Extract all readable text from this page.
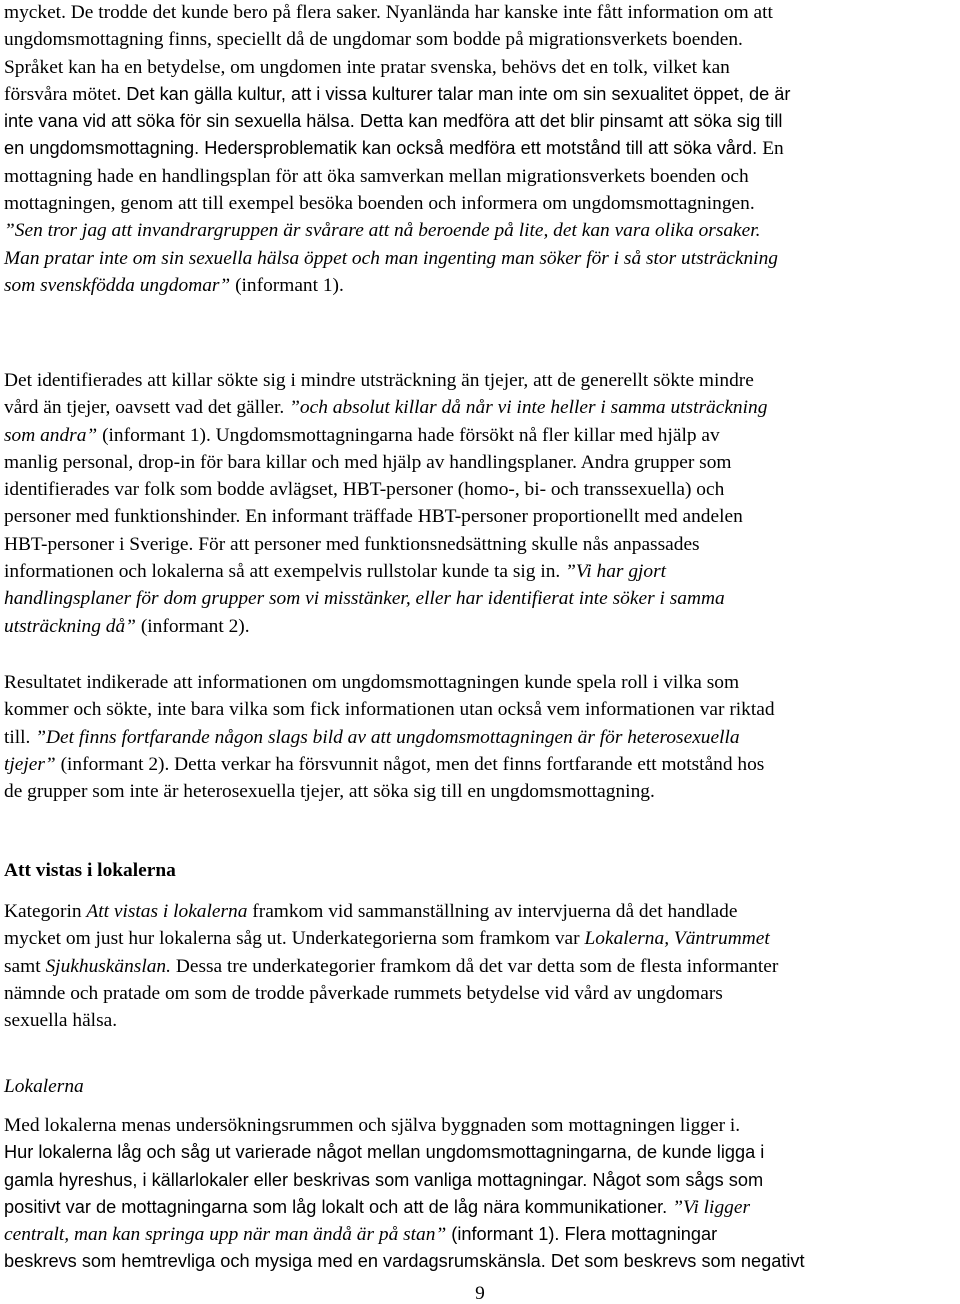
mycket. De trodde det kunde bero på flera saker. Nyanlända har kanske inte fått information om att
ungdomsmottagning finns, speciellt då de ungdomar som bodde på migrationsverkets boenden.
Språket kan ha en betydelse, om ungdomen inte pratar svenska, behövs det en tolk, vilket kan
försvåra mötet. Det kan gälla kultur, att i vissa kulturer talar man inte om sin sexualitet öppet, de är
inte vana vid att söka för sin sexuella hälsa. Detta kan medföra att det blir pinsamt att söka sig till
en ungdomsmottagning. Hedersproblematik kan också medföra ett motstånd till att söka vård. En
mottagning hade en handlingsplan för att öka samverkan mellan migrationsverkets boenden och
mottagningen, genom att till exempel besöka boenden och informera om ungdomsmottagningen.
”Sen tror jag att invandrargruppen är svårare att nå beroende på lite, det kan vara olika orsaker.
Man pratar inte om sin sexuella hälsa öppet och man ingenting man söker för i så stor utsträckning
som svenskfödda ungdomar” (informant 1).
Det identifierades att killar sökte sig i mindre utsträckning än tjejer, att de generellt sökte mindre
vård än tjejer, oavsett vad det gäller. ”och absolut killar då når vi inte heller i samma utsträckning
som andra” (informant 1). Ungdomsmottagningarna hade försökt nå fler killar med hjälp av
manlig personal, drop-in för bara killar och med hjälp av handlingsplaner. Andra grupper som
identifierades var folk som bodde avlägset, HBT-personer (homo-, bi- och transsexuella) och
personer med funktionshinder. En informant träffade HBT-personer proportionellt med andelen
HBT-personer i Sverige. För att personer med funktionsnedsättning skulle nås anpassades
informationen och lokalerna så att exempelvis rullstolar kunde ta sig in. ”Vi har gjort
handlingsplaner för dom grupper som vi misstänker, eller har identifierat inte söker i samma
utsträckning då” (informant 2).
Resultatet indikerade att informationen om ungdomsmottagningen kunde spela roll i vilka som
kommer och sökte, inte bara vilka som fick informationen utan också vem informationen var riktad
till. ”Det finns fortfarande någon slags bild av att ungdomsmottagningen är för heterosexuella
tjejer” (informant 2). Detta verkar ha försvunnit något, men det finns fortfarande ett motstånd hos
de grupper som inte är heterosexuella tjejer, att söka sig till en ungdomsmottagning.
Att vistas i lokalerna
Kategorin Att vistas i lokalerna framkom vid sammanställning av intervjuerna då det handlade
mycket om just hur lokalerna såg ut. Underkategorierna som framkom var Lokalerna, Väntrummet
samt Sjukhuskänslan. Dessa tre underkategorier framkom då det var detta som de flesta informanter
nämnde och pratade om som de trodde påverkade rummets betydelse vid vård av ungdomars
sexuella hälsa.
Lokalerna
Med lokalerna menas undersökningsrummen och själva byggnaden som mottagningen ligger i.
Hur lokalerna låg och såg ut varierade något mellan ungdomsmottagningarna, de kunde ligga i
gamla hyreshus, i källarlokaler eller beskrivas som vanliga mottagningar. Något som sågs som
positivt var de mottagningarna som låg lokalt och att de låg nära kommunikationer. ”Vi ligger
centralt, man kan springa upp när man ändå är på stan” (informant 1). Flera mottagningar
beskrevs som hemtrevliga och mysiga med en vardagsrumskänsla. Det som beskrevs som negativt
9
